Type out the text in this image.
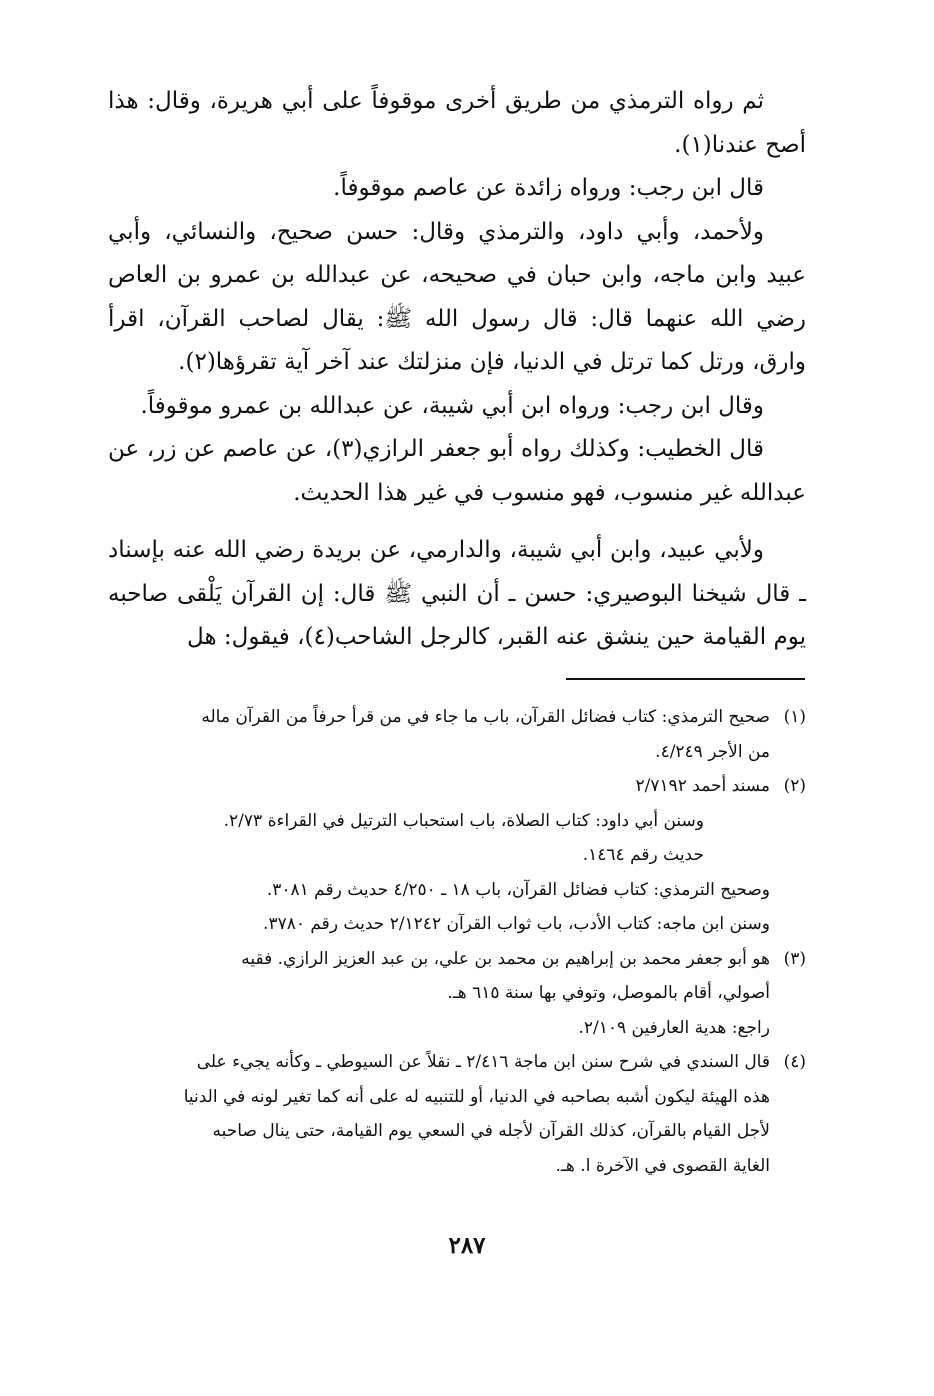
ثم رواه الترمذي من طريق أخرى موقوفاً على أبي هريرة، وقال: هذا أصح عندنا(١).

قال ابن رجب: ورواه زائدة عن عاصم موقوفاً.

ولأحمد، وأبي داود، والترمذي وقال: حسن صحيح، والنسائي، وأبي عبيد وابن ماجه، وابن حبان في صحيحه، عن عبدالله بن عمرو بن العاص رضي الله عنهما قال: قال رسول الله ﷺ: يقال لصاحب القرآن، اقرأ وارق، ورتل كما ترتل في الدنيا، فإن منزلتك عند آخر آية تقرؤها(٢).

وقال ابن رجب: ورواه ابن أبي شيبة، عن عبدالله بن عمرو موقوفاً.

قال الخطيب: وكذلك رواه أبو جعفر الرازي(٣)، عن عاصم عن زر، عن عبدالله غير منسوب، فهو منسوب في غير هذا الحديث.

ولأبي عبيد، وابن أبي شيبة، والدارمي، عن بريدة رضي الله عنه بإسناد ـ قال شيخنا البوصيري: حسن ـ أن النبي ﷺ قال: إن القرآن يَلْقى صاحبه يوم القيامة حين ينشق عنه القبر، كالرجل الشاحب(٤)، فيقول: هل

(١)
صحيح الترمذي: كتاب فضائل القرآن، باب ما جاء في من قرأ حرفاً من القرآن ماله
من الأجر ٤/٢٤٩.
(٢)
مسند أحمد ٢/٧١٩٢
وسنن أبي داود: كتاب الصلاة، باب استحباب الترتيل في القراءة ٢/٧٣.
حديث رقم ١٤٦٤.
وصحيح الترمذي: كتاب فضائل القرآن، باب ١٨ ـ ٤/٢٥٠ حديث رقم ٣٠٨١.
وسنن ابن ماجه: كتاب الأدب، باب ثواب القرآن ٢/١٢٤٢ حديث رقم ٣٧٨٠.
(٣)
هو أبو جعفر محمد بن إبراهيم بن محمد بن علي، بن عبد العزيز الرازي. فقيه
أصولي، أقام بالموصل، وتوفي بها سنة ٦١٥ هـ.
راجع: هدية العارفين ٢/١٠٩.
(٤)
قال السندي في شرح سنن ابن ماجة ٢/٤١٦ ـ نقلاً عن السيوطي ـ وكأنه يجيء على
هذه الهيئة ليكون أشبه بصاحبه في الدنيا، أو للتنبيه له على أنه كما تغير لونه في الدنيا
لأجل القيام بالقرآن، كذلك القرآن لأجله في السعي يوم القيامة، حتى ينال صاحبه
الغاية القصوى في الآخرة ا. هـ.
٢٨٧
